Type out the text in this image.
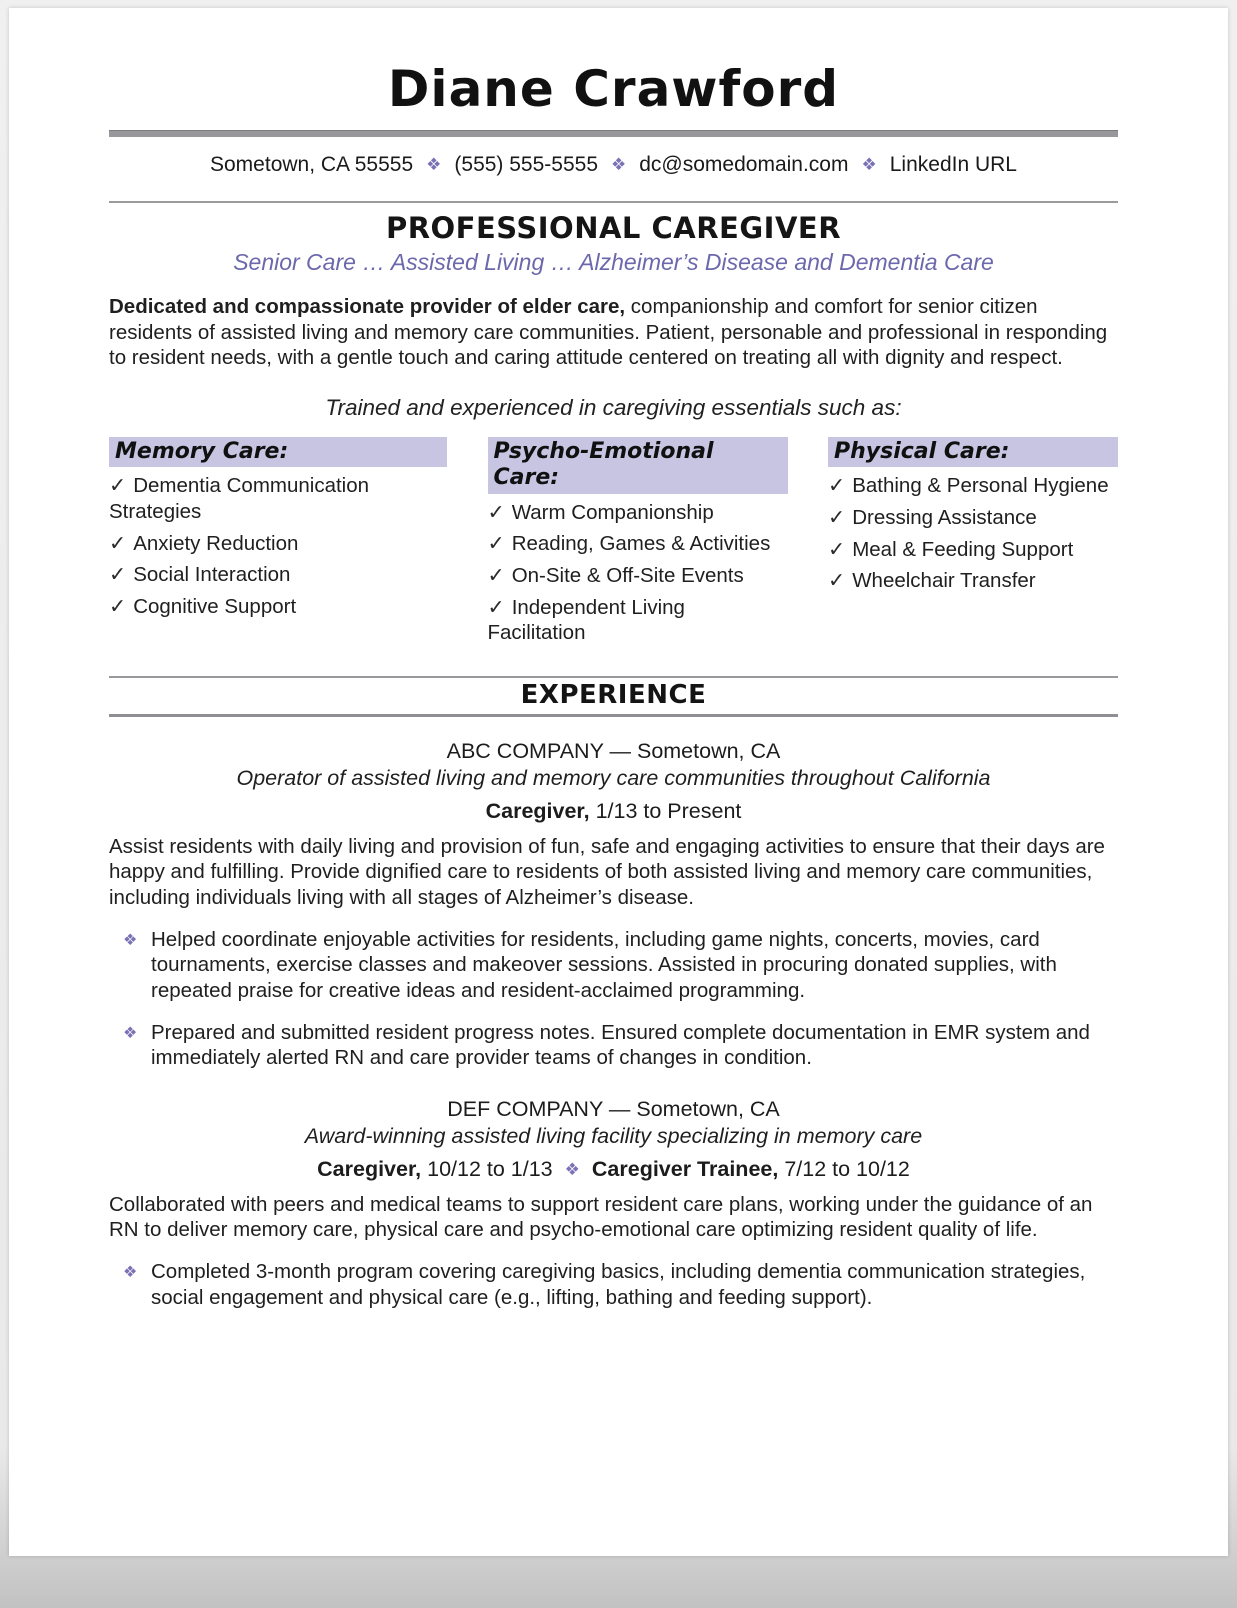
Diane Crawford
Sometown, CA 55555 ❖ (555) 555-5555 ❖ dc@somedomain.com ❖ LinkedIn URL
PROFESSIONAL CAREGIVER
Senior Care … Assisted Living … Alzheimer’s Disease and Dementia Care

Dedicated and compassionate provider of elder care, companionship and comfort for senior citizen residents of assisted living and memory care communities. Patient, personable and professional in responding to resident needs, with a gentle touch and caring attitude centered on treating all with dignity and respect.

Trained and experienced in caregiving essentials such as:
Memory Care:
✓ Dementia Communication Strategies
✓ Anxiety Reduction
✓ Social Interaction
✓ Cognitive Support
Psycho-Emotional Care:
✓ Warm Companionship
✓ Reading, Games & Activities
✓ On-Site & Off-Site Events
✓ Independent Living Facilitation
Physical Care:
✓ Bathing & Personal Hygiene
✓ Dressing Assistance
✓ Meal & Feeding Support
✓ Wheelchair Transfer
EXPERIENCE
ABC COMPANY — Sometown, CA
Operator of assisted living and memory care communities throughout California
Caregiver, 1/13 to Present

Assist residents with daily living and provision of fun, safe and engaging activities to ensure that their days are happy and fulfilling. Provide dignified care to residents of both assisted living and memory care communities, including individuals living with all stages of Alzheimer’s disease.

❖ Helped coordinate enjoyable activities for residents, including game nights, concerts, movies, card tournaments, exercise classes and makeover sessions. Assisted in procuring donated supplies, with repeated praise for creative ideas and resident-acclaimed programming.
❖ Prepared and submitted resident progress notes. Ensured complete documentation in EMR system and immediately alerted RN and care provider teams of changes in condition.
DEF COMPANY — Sometown, CA
Award-winning assisted living facility specializing in memory care
Caregiver, 10/12 to 1/13 ❖ Caregiver Trainee, 7/12 to 10/12

Collaborated with peers and medical teams to support resident care plans, working under the guidance of an RN to deliver memory care, physical care and psycho-emotional care optimizing resident quality of life.

❖ Completed 3-month program covering caregiving basics, including dementia communication strategies, social engagement and physical care (e.g., lifting, bathing and feeding support).
